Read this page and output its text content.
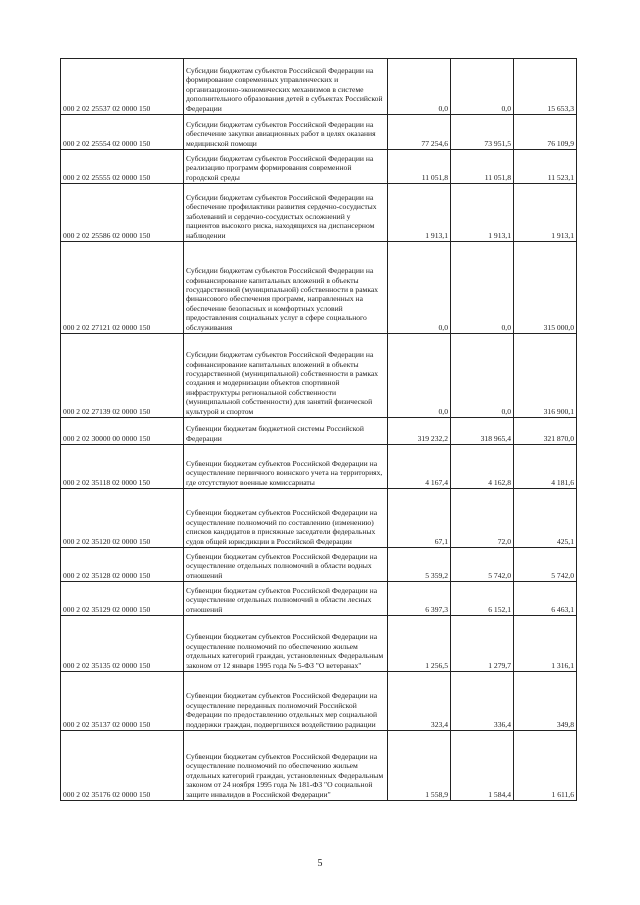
000 2 02 25537 02 0000 150	Субсидии бюджетам субъектов Российской Федерации на формирование современных управленческих и организационно-экономических механизмов в системе дополнительного образования детей в субъектах Российской Федерации	0,0	0,0	15 653,3
000 2 02 25554 02 0000 150	Субсидии бюджетам субъектов Российской Федерации на обеспечение закупки авиационных работ в целях оказания медицинской помощи	77 254,6	73 951,5	76 109,9
000 2 02 25555 02 0000 150	Субсидии бюджетам субъектов Российской Федерации на реализацию программ формирования современной городской среды	11 051,8	11 051,8	11 523,1
000 2 02 25586 02 0000 150	Субсидии бюджетам субъектов Российской Федерации на обеспечение профилактики развития сердечно-сосудистых заболеваний и сердечно-сосудистых осложнений у пациентов высокого риска, находящихся на диспансерном наблюдении	1 913,1	1 913,1	1 913,1
000 2 02 27121 02 0000 150	Субсидии бюджетам субъектов Российской Федерации на софинансирование капитальных вложений в объекты государственной (муниципальной) собственности в рамках финансового обеспечения программ, направленных на обеспечение безопасных и комфортных условий предоставления социальных услуг в сфере социального обслуживания	0,0	0,0	315 000,0
000 2 02 27139 02 0000 150	Субсидии бюджетам субъектов Российской Федерации на софинансирование капитальных вложений в объекты государственной (муниципальной) собственности в рамках создания и модернизации объектов спортивной инфраструктуры региональной собственности (муниципальной собственности) для занятий физической культурой и спортом	0,0	0,0	316 900,1
000 2 02 30000 00 0000 150	Субвенции бюджетам бюджетной системы Российской Федерации	319 232,2	318 965,4	321 870,0
000 2 02 35118 02 0000 150	Субвенции бюджетам субъектов Российской Федерации на осуществление первичного воинского учета на территориях, где отсутствуют военные комиссариаты	4 167,4	4 162,8	4 181,6
000 2 02 35120 02 0000 150	Субвенции бюджетам субъектов Российской Федерации на осуществление полномочий по составлению (изменению) списков кандидатов в присяжные заседатели федеральных судов общей юрисдикции в Российской Федерации	67,1	72,0	425,1
000 2 02 35128 02 0000 150	Субвенции бюджетам субъектов Российской Федерации на осуществление отдельных полномочий в области водных отношений	5 359,2	5 742,0	5 742,0
000 2 02 35129 02 0000 150	Субвенции бюджетам субъектов Российской Федерации на осуществление отдельных полномочий в области лесных отношений	6 397,3	6 152,1	6 463,1
000 2 02 35135 02 0000 150	Субвенции бюджетам субъектов Российской Федерации на осуществление полномочий по обеспечению жильем отдельных категорий граждан, установленных Федеральным законом от 12 января 1995 года № 5-ФЗ "О ветеранах"	1 256,5	1 279,7	1 316,1
000 2 02 35137 02 0000 150	Субвенции бюджетам субъектов Российской Федерации на осуществление переданных полномочий Российской Федерации по предоставлению отдельных мер социальной поддержки граждан, подвергшихся воздействию радиации	323,4	336,4	349,8
000 2 02 35176 02 0000 150	Субвенции бюджетам субъектов Российской Федерации на осуществление полномочий по обеспечению жильем отдельных категорий граждан, установленных Федеральным законом от 24 ноября 1995 года № 181-ФЗ "О социальной защите инвалидов в Российской Федерации"	1 558,9	1 584,4	1 611,6
5
